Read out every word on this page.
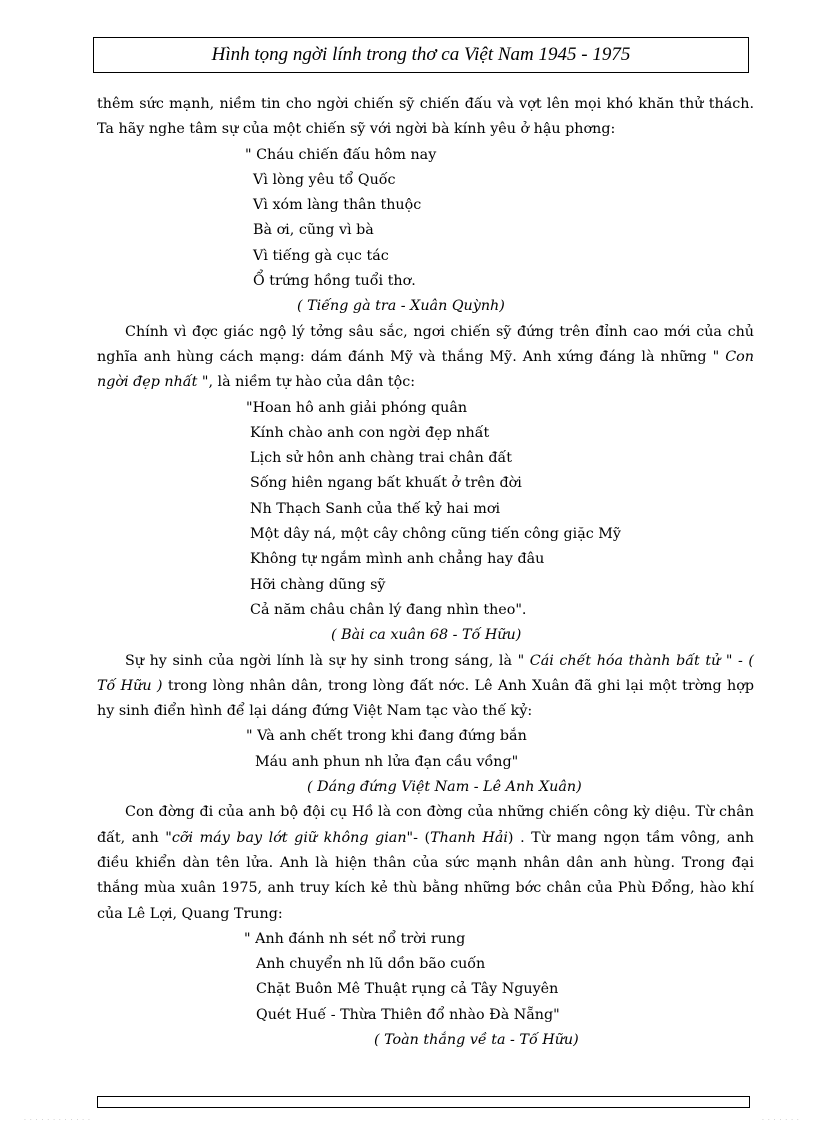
Hình tọng ngời lính trong thơ ca Việt Nam 1945 - 1975

thêm sức mạnh, niềm tin cho ngời chiến sỹ chiến đấu và vợt lên mọi khó khăn thử thách. Ta hãy nghe tâm sự của một chiến sỹ với ngời bà kính yêu ở hậu phơng:

" Cháu chiến đấu hôm nay
Vì lòng yêu tổ Quốc
Vì xóm làng thân thuộc
Bà ơi, cũng vì bà
Vì tiếng gà cục tác
Ổ trứng hồng tuổi thơ.
( Tiếng gà tra - Xuân Quỳnh)

Chính vì đợc giác ngộ lý tởng sâu sắc, ngơi chiến sỹ đứng trên đỉnh cao mới của chủ nghĩa anh hùng cách mạng: dám đánh Mỹ và thắng Mỹ. Anh xứng đáng là những " Con ngời đẹp nhất ", là niềm tự hào của dân tộc:

"Hoan hô anh giải phóng quân
Kính chào anh con ngời đẹp nhất
Lịch sử hôn anh chàng trai chân đất
Sống hiên ngang bất khuất ở trên đời
Nh Thạch Sanh của thế kỷ hai mơi
Một dây ná, một cây chông cũng tiến công giặc Mỹ
Không tự ngắm mình anh chẳng hay đâu
Hỡi chàng dũng sỹ
Cả năm châu chân lý đang nhìn theo".
( Bài ca xuân 68 - Tố Hữu)

Sự hy sinh của ngời lính là sự hy sinh trong sáng, là " Cái chết hóa thành bất tử " - ( Tố Hữu ) trong lòng nhân dân, trong lòng đất nớc. Lê Anh Xuân đã ghi lại một trờng hợp hy sinh điển hình để lại dáng đứng Việt Nam tạc vào thế kỷ:

" Và anh chết trong khi đang đứng bắn
Máu anh phun nh lửa đạn cầu vồng"
( Dáng đứng Việt Nam - Lê Anh Xuân)

Con đờng đi của anh bộ đội cụ Hồ là con đờng của những chiến công kỳ diệu. Từ chân đất, anh "cỡi máy bay lớt giữ không gian"- (Thanh Hải) . Từ mang ngọn tầm vông, anh điều khiển dàn tên lửa. Anh là hiện thân của sức mạnh nhân dân anh hùng. Trong đại thắng mùa xuân 1975, anh truy kích kẻ thù bằng những bớc chân của Phù Đổng, hào khí của Lê Lợi, Quang Trung:

" Anh đánh nh sét nổ trời rung
Anh chuyển nh lũ dồn bão cuốn
Chặt Buôn Mê Thuật rụng cả Tây Nguyên
Quét Huế - Thừa Thiên đổ nhào Đà Nẵng"
( Toàn thắng về ta - Tố Hữu)
· · · · · · · · · · · ·	· · · · · · ·
